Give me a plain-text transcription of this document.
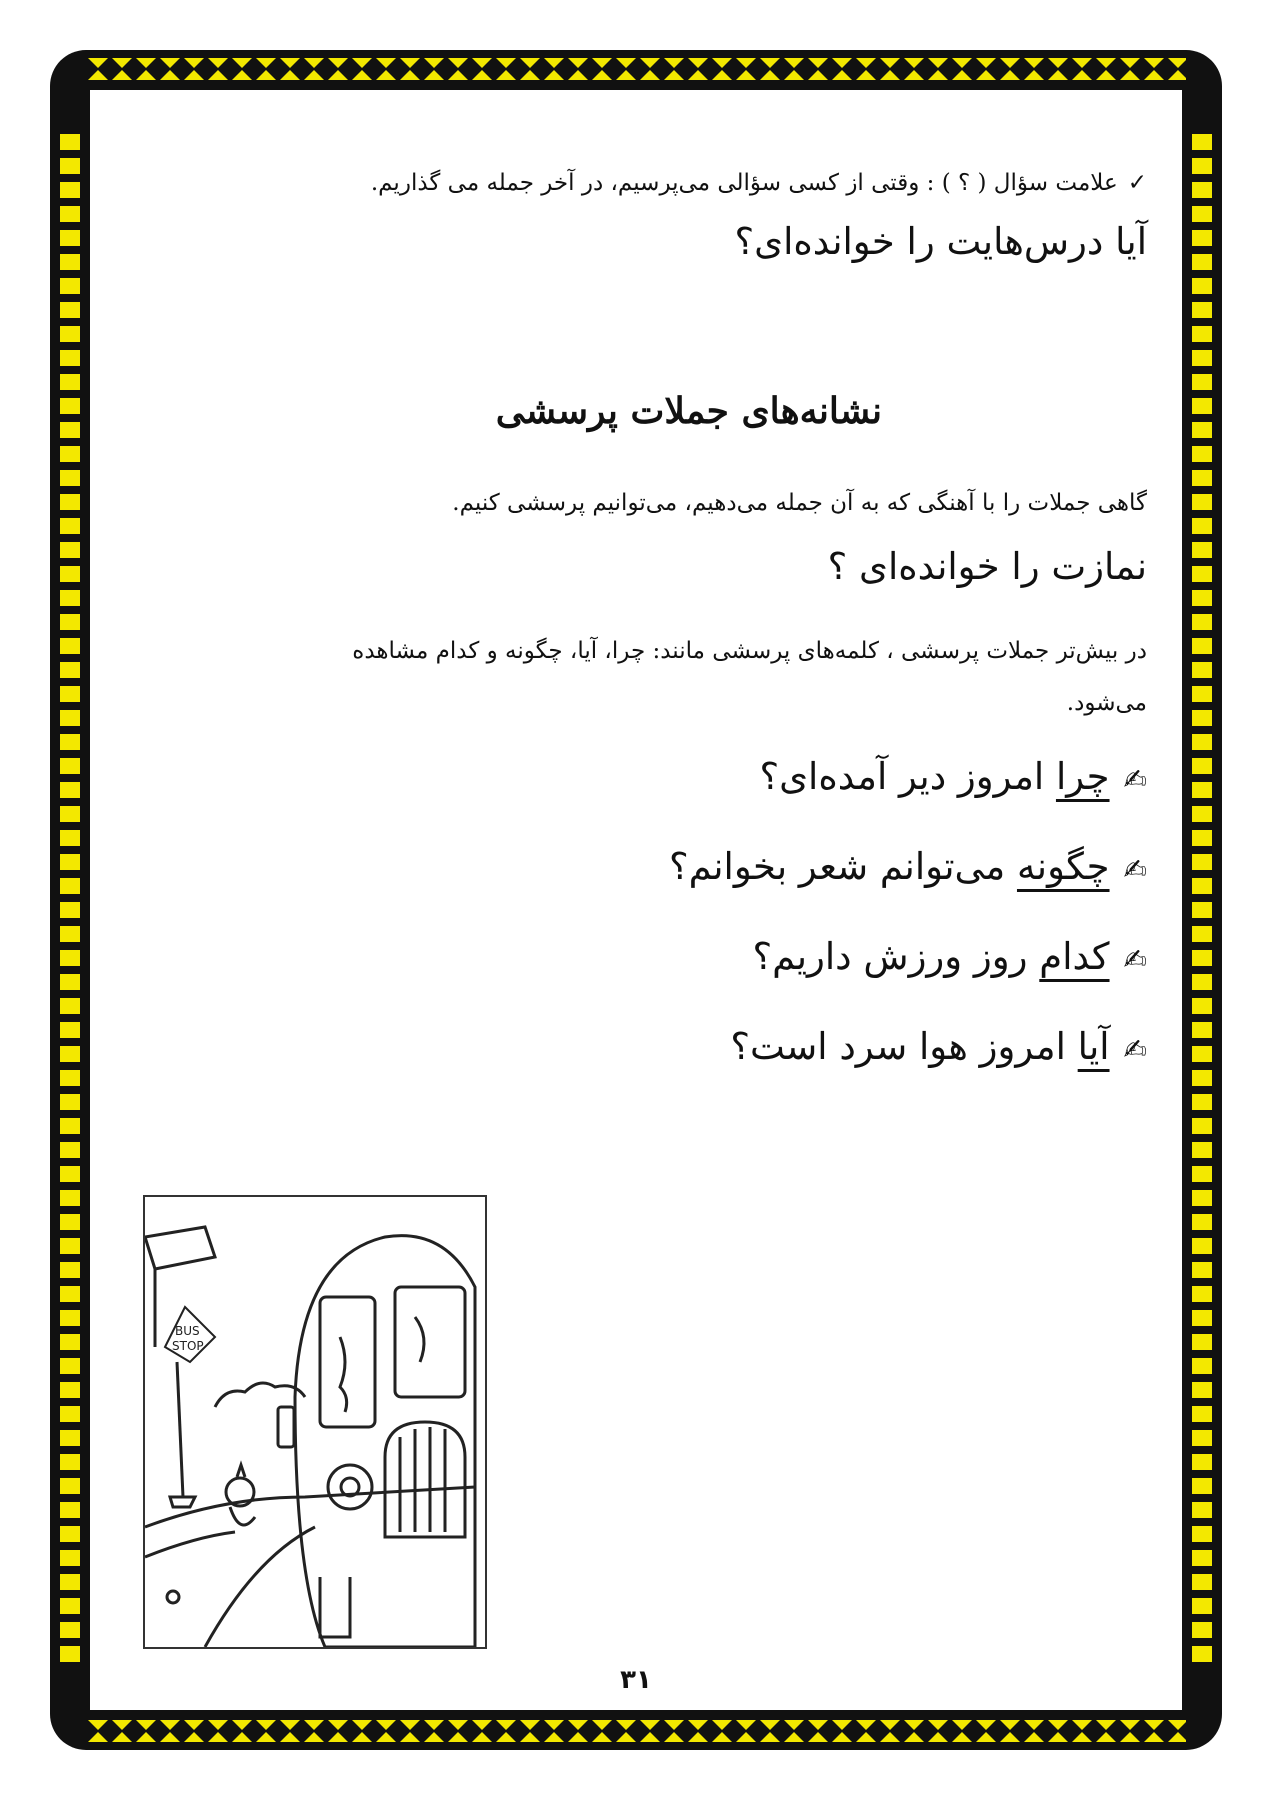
✓علامت سؤال ( ؟ ) : وقتی از کسی سؤالی می‌پرسیم، در آخر جمله می گذاریم.
آیا درس‌هایت را خوانده‌ای؟
نشانه‌های جملات پرسشی
گاهی جملات را با آهنگی که به آن جمله می‌دهیم، می‌توانیم پرسشی کنیم.
نمازت را خوانده‌ای ؟
در بیش‌تر جملات پرسشی ، کلمه‌های پرسشی مانند: چرا، آیا، چگونه و کدام مشاهده
می‌شود.
✍چرا امروز دیر آمده‌ای؟
✍چگونه می‌توانم شعر بخوانم؟
✍کدام روز ورزش داریم؟
✍آیا امروز هوا سرد است؟
۳۱
BUS
STOP
